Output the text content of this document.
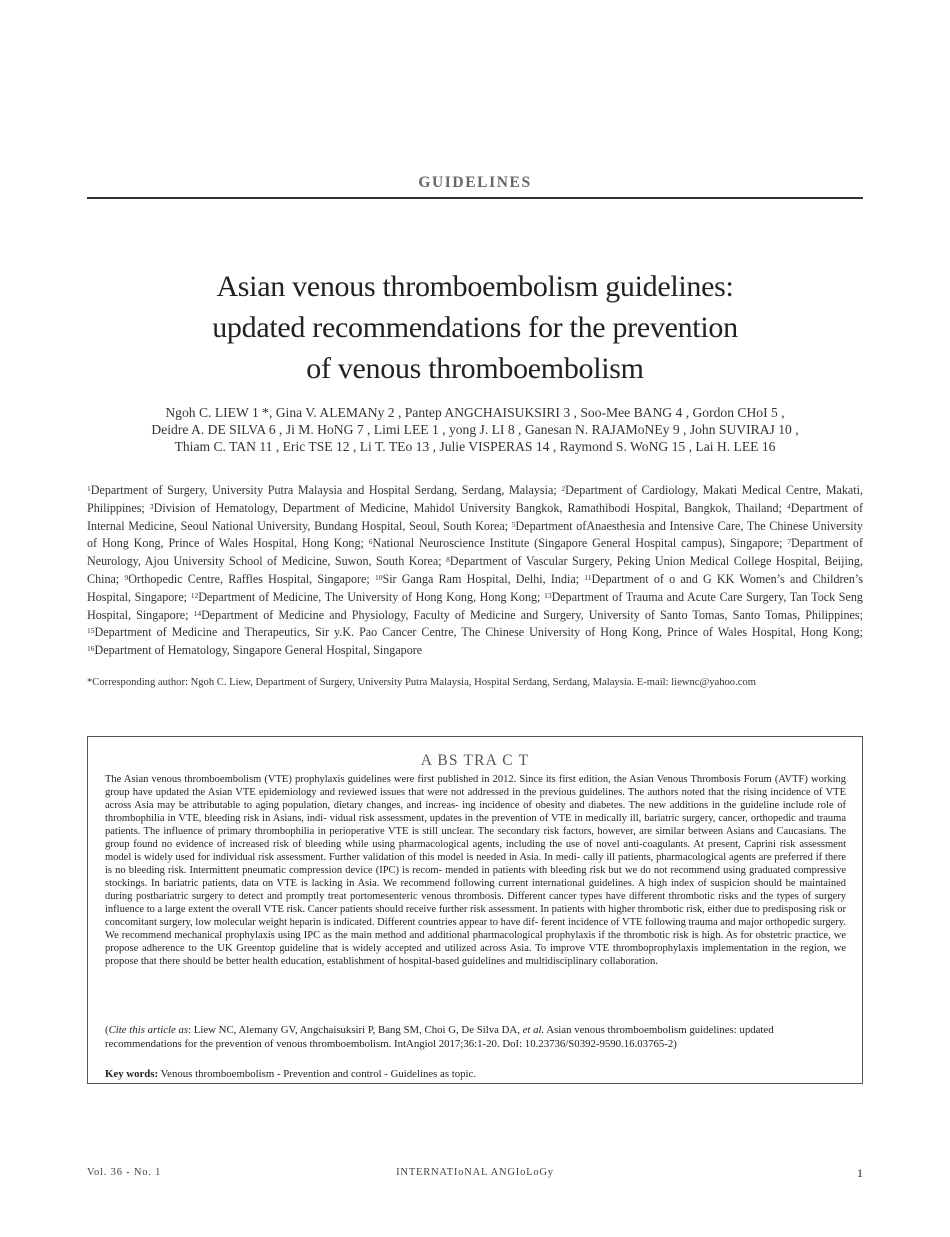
GUIDELINES
Asian venous thromboembolism guidelines:
updated recommendations for the prevention
of venous thromboembolism
Ngoh C. LIEW 1 *, Gina V. ALEMANy 2 , Pantep ANGCHAISUKSIRI 3 , Soo-Mee BANG 4 , Gordon CHoI 5 ,
Deidre A. DE SILVA 6 , Ji M. HoNG 7 , Limi LEE 1 , yong J. LI 8 , Ganesan N. RAJAMoNEy 9 , John SUVIRAJ 10 ,
Thiam C. TAN 11 , Eric TSE 12 , Li T. TEo 13 , Julie VISPERAS 14 , Raymond S. WoNG 15 , Lai H. LEE 16
$^1$Department of Surgery, University Putra Malaysia and Hospital Serdang, Serdang, Malaysia; $^2$Department of Cardiology, Makati Medical Centre, Makati, Philippines; $^3$Division of Hematology, Department of Medicine, Mahidol University Bangkok, Ramathibodi Hospital, Bangkok, Thailand; $^4$Department of Internal Medicine, Seoul National University, Bundang Hospital, Seoul, South Korea; $^5$Department ofAnaesthesia and Intensive Care, The Chinese University of Hong Kong, Prince of Wales Hospital, Hong Kong; $^6$National Neuroscience Institute (Singapore General Hospital campus), Singapore; $^7$Department of Neurology, Ajou University School of Medicine, Suwon, South Korea; $^8$Department of Vascular Surgery, Peking Union Medical College Hospital, Beijing, China; $^9$Orthopedic Centre, Raffles Hospital, Singapore; $^{10}$Sir Ganga Ram Hospital, Delhi, India; $^{11}$Department of o and G KK Women’s and Children’s Hospital, Singapore; $^{12}$Department of Medicine, The University of Hong Kong, Hong Kong; $^{13}$Department of Trauma and Acute Care Surgery, Tan Tock Seng Hospital, Singapore; $^{14}$Department of Medicine and Physiology, Faculty of Medicine and Surgery, University of Santo Tomas, Santo Tomas, Philippines; $^{15}$Department of Medicine and Therapeutics, Sir y.K. Pao Cancer Centre, The Chinese University of Hong Kong, Prince of Wales Hospital, Hong Kong; $^{16}$Department of Hematology, Singapore General Hospital, Singapore
*Corresponding author: Ngoh C. Liew, Department of Surgery, University Putra Malaysia, Hospital Serdang, Serdang, Malaysia. E-mail: liewnc@yahoo.com
A BS TRA C T
The Asian venous thromboembolism (VTE) prophylaxis guidelines were first published in 2012. Since its first edition, the Asian Venous Thrombosis Forum (AVTF) working group have updated the Asian VTE epidemiology and reviewed issues that were not addressed in the previous guidelines. The authors noted that the rising incidence of VTE across Asia may be attributable to aging population, dietary changes, and increas- ing incidence of obesity and diabetes. The new additions in the guideline include role of thrombophilia in VTE, bleeding risk in Asians, indi- vidual risk assessment, updates in the prevention of VTE in medically ill, bariatric surgery, cancer, orthopedic and trauma patients. The influence of primary thrombophilia in perioperative VTE is still unclear. The secondary risk factors, however, are similar between Asians and Caucasians. The group found no evidence of increased risk of bleeding while using pharmacological agents, including the use of novel anti-coagulants. At present, Caprini risk assessment model is widely used for individual risk assessment. Further validation of this model is needed in Asia. In medi- cally ill patients, pharmacological agents are preferred if there is no bleeding risk. Intermittent pneumatic compression device (IPC) is recom- mended in patients with bleeding risk but we do not recommend using graduated compressive stockings. In bariatric patients, data on VTE is lacking in Asia. We recommend following current international guidelines. A high index of suspicion should be maintained during postbariatric surgery to detect and promptly treat portomesenteric venous thrombosis. Different cancer types have different thrombotic risks and the types of surgery influence to a large extent the overall VTE risk. Cancer patients should receive further risk assessment. In patients with higher thrombotic risk, either due to predisposing risk or concomitant surgery, low molecular weight heparin is indicated. Different countries appear to have dif- ferent incidence of VTE following trauma and major orthopedic surgery. We recommend mechanical prophylaxis using IPC as the main method and additional pharmacological prophylaxis if the thrombotic risk is high. As for obstetric practice, we propose adherence to the UK Greentop guideline that is widely accepted and utilized across Asia. To improve VTE thromboprophylaxis implementation in the region, we propose that there should be better health education, establishment of hospital-based guidelines and multidisciplinary collaboration.
(Cite this article as: Liew NC, Alemany GV, Angchaisuksiri P, Bang SM, Choi G, De Silva DA, et al. Asian venous thromboembolism guidelines: updated recommendations for the prevention of venous thromboembolism. IntAngiol 2017;36:1-20. DoI: 10.23736/S0392-9590.16.03765-2)
Key words: Venous thromboembolism - Prevention and control - Guidelines as topic.
Vol. 36 - No. 1	INTERNATIoNAL ANGIoLoGy	1
